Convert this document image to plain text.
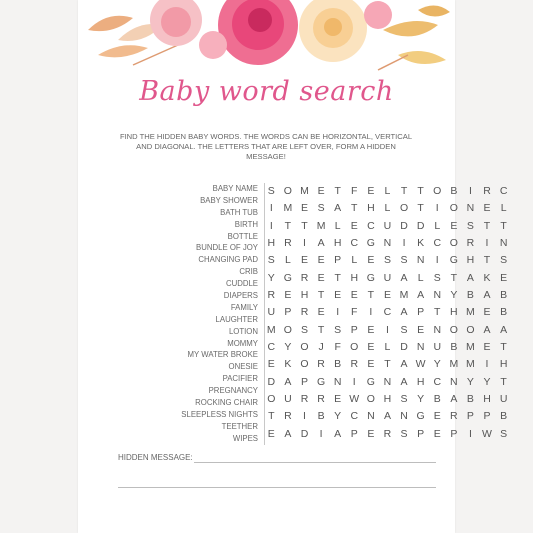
Baby word search
FIND THE HIDDEN BABY WORDS. THE WORDS CAN BE HORIZONTAL, VERTICAL AND DIAGONAL. THE LETTERS THAT ARE LEFT OVER, FORM A HIDDEN MESSAGE!
BABY NAME
BABY SHOWER
BATH TUB
BIRTH
BOTTLE
BUNDLE OF JOY
CHANGING PAD
CRIB
CUDDLE
DIAPERS
FAMILY
LAUGHTER
LOTION
MOMMY
MY WATER BROKE
ONESIE
PACIFIER
PREGNANCY
ROCKING CHAIR
SLEEPLESS NIGHTS
TEETHER
WIPES
S O M E T F E L T T O B	I	R C
I	M E S A T H L O T	I	O N E L
I	T T M L E C U D D L E S T T
H R	I	A H C G N	I	K C O R	I	N
S L E E P L E S S N	I	G H T S
Y G R E T H G U A L S T A K E
R E H T E E T E M A N Y B A B
U P R E	I	F	I	C A P T H M E B
M O S T S P E	I	S E N O O A A
C Y O J	F O E L D N U B M E T
E K O R B R E T A W Y M M	I	H
D A P G N	I	G N A H C N Y Y T
O U R R E W O H S Y B A B H U
T R	I	B Y C N A N G E R P P B
E A D	I	A P E R S P E P	I W S
HIDDEN MESSAGE:
